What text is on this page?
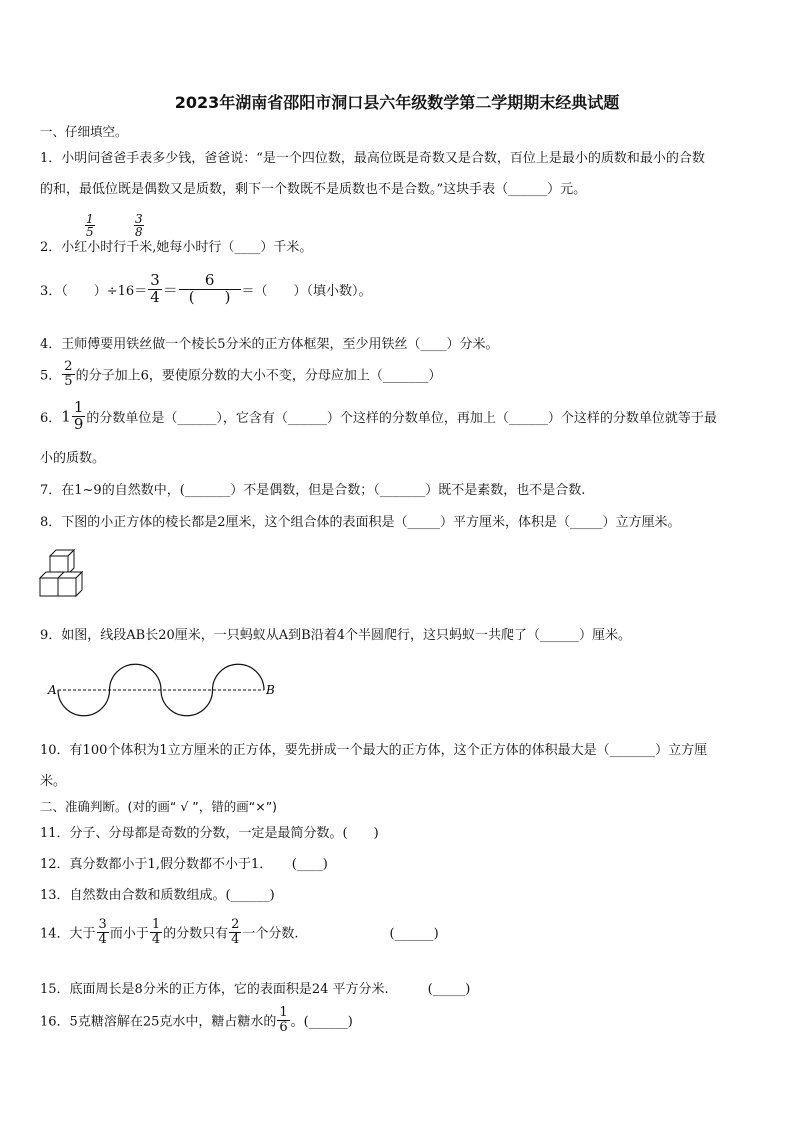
2023年湖南省邵阳市洞口县六年级数学第二学期期末经典试题
一、仔细填空。
1．小明问爸爸手表多少钱，爸爸说：“是一个四位数，最高位既是奇数又是合数，百位上是最小的质数和最小的合数
的和，最低位既是偶数又是质数，剩下一个数既不是质数也不是合数。”这块手表（______）元。
2．小红小时行千米,她每小时行（____）千米。
$\frac{1}{5}$	$\frac{3}{8}$
3．（　　）$\div 16= \frac{3}{4} = \frac{6}{( )}$ ＝（　　）（填小数）。
4．王师傅要用铁丝做一个棱长5分米的正方体框架，至少用铁丝（____）分米。
5． $\frac{2}{5}$ 的分子加上6，要使原分数的大小不变，分母应加上（_______）
6．$1 \frac{1}{9}$ 的分数单位是（______），它含有（______）个这样的分数单位，再加上（______）个这样的分数单位就等于最
小的质数。
7．在1~9的自然数中，(_______）不是偶数，但是合数；（_______）既不是素数，也不是合数.
8．下图的小正方体的棱长都是2厘米，这个组合体的表面积是（_____）平方厘米，体积是（_____）立方厘米。
9．如图，线段AB长20厘米，一只蚂蚁从A到B沿着4个半圆爬行，这只蚂蚁一共爬了（______）厘米。
A	B
10．有100个体积为1立方厘米的正方体，要先拼成一个最大的正方体，这个正方体的体积最大是（_______）立方厘
米。
二、准确判断。(对的画“ √ ”，错的画“×”)
11．分子、分母都是奇数的分数，一定是最简分数。(　　)
12．真分数都小于1,假分数都不小于1．　　(____)
13．自然数由合数和质数组成。(______)
14．大于 $\frac{3}{4}$ 而小于 $\frac{1}{4}$ 的分数只有 $\frac{2}{4}$ 一个分数.　　　　　　　(______)
15．底面周长是8分米的正方体，它的表面积是24 平方分米.　　　(_____)
16．5克糖溶解在25克水中，糖占糖水的 $\frac{1}{6}$ 。(______)
